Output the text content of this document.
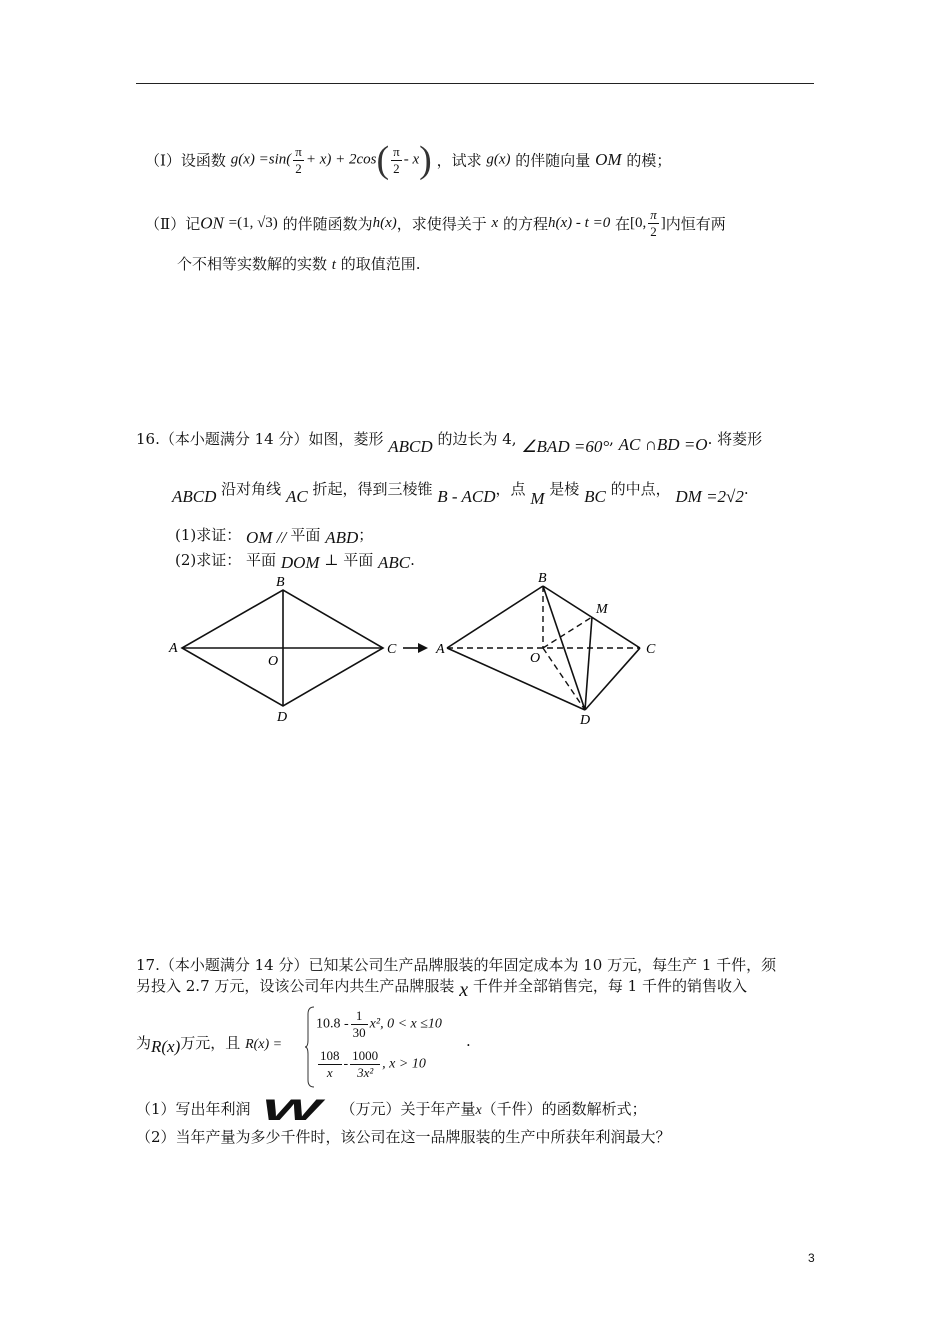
（Ⅰ）设函数 $g(x) =\sin( \frac{\pi}{2} + x) + 2\cos( \frac{\pi}{2} - x)$ ，试求 g(x) 的伴随向量 OM 的模；
（Ⅱ）记ON =(1, √3) 的伴随函数为h(x)，求使得关于 x 的方程h(x) - t =0 在[0, $\frac{\pi}{2}$ ]内恒有两
个不相等实数解的实数 t 的取值范围.
16.（本小题满分 14 分）如图，菱形 ABCD 的边长为 4, ∠BAD =60°, AC ∩BD =O. 将菱形
ABCD 沿对角线 AC 折起，得到三棱锥 B - ACD，点 M 是棱 BC 的中点， DM =2√2.
(1)求证： OM // 平面 ABD；
(2)求证： 平面 DOM ⊥ 平面 ABC.
A
B
C
D
O
A
B
C
D
O
M
17.（本小题满分 14 分）已知某公司生产品牌服装的年固定成本为 10 万元，每生产 1 千件，须
另投入 2.7 万元，设该公司年内共生产品牌服装 x 千件并全部销售完，每 1 千件的销售收入
为R(x)万元，且 R(x) =
$10.8 - \frac{1}{30} x^2$, 0 < x ≤10
$\frac{108}{x} - \frac{1000}{\text{3x²}}$ , x > 10
.
（1）写出年利润 W （万元）关于年产量x（千件）的函数解析式；
（2）当年产量为多少千件时，该公司在这一品牌服装的生产中所获年利润最大？
3
